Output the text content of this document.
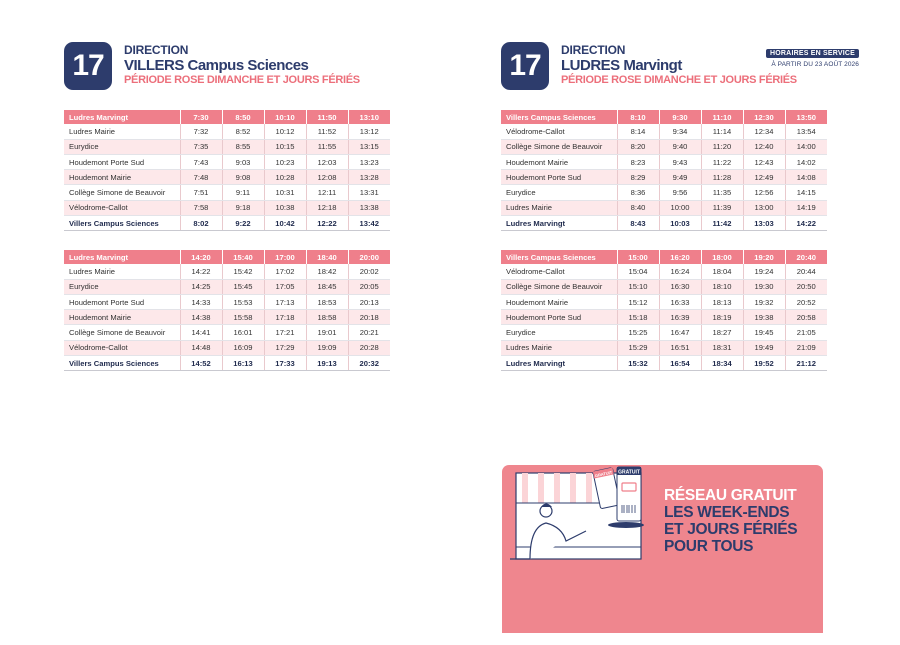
17	DIRECTION
VILLERS Campus Sciences
PÉRIODE ROSE DIMANCHE ET JOURS FÉRIÉS
Ludres Marvingt	7:30	8:50	10:10	11:50	13:10
Ludres Mairie	7:32	8:52	10:12	11:52	13:12
Eurydice	7:35	8:55	10:15	11:55	13:15
Houdemont Porte Sud	7:43	9:03	10:23	12:03	13:23
Houdemont Mairie	7:48	9:08	10:28	12:08	13:28
Collège Simone de Beauvoir	7:51	9:11	10:31	12:11	13:31
Vélodrome-Callot	7:58	9:18	10:38	12:18	13:38
Villers Campus Sciences	8:02	9:22	10:42	12:22	13:42
Ludres Marvingt	14:20	15:40	17:00	18:40	20:00
Ludres Mairie	14:22	15:42	17:02	18:42	20:02
Eurydice	14:25	15:45	17:05	18:45	20:05
Houdemont Porte Sud	14:33	15:53	17:13	18:53	20:13
Houdemont Mairie	14:38	15:58	17:18	18:58	20:18
Collège Simone de Beauvoir	14:41	16:01	17:21	19:01	20:21
Vélodrome-Callot	14:48	16:09	17:29	19:09	20:28
Villers Campus Sciences	14:52	16:13	17:33	19:13	20:32
17	DIRECTION
LUDRES Marvingt
PÉRIODE ROSE DIMANCHE ET JOURS FÉRIÉS
HORAIRES EN SERVICE
À PARTIR DU 23 AOÛT 2026
Villers Campus Sciences	8:10	9:30	11:10	12:30	13:50
Vélodrome-Callot	8:14	9:34	11:14	12:34	13:54
Collège Simone de Beauvoir	8:20	9:40	11:20	12:40	14:00
Houdemont Mairie	8:23	9:43	11:22	12:43	14:02
Houdemont Porte Sud	8:29	9:49	11:28	12:49	14:08
Eurydice	8:36	9:56	11:35	12:56	14:15
Ludres Mairie	8:40	10:00	11:39	13:00	14:19
Ludres Marvingt	8:43	10:03	11:42	13:03	14:22
Villers Campus Sciences	15:00	16:20	18:00	19:20	20:40
Vélodrome-Callot	15:04	16:24	18:04	19:24	20:44
Collège Simone de Beauvoir	15:10	16:30	18:10	19:30	20:50
Houdemont Mairie	15:12	16:33	18:13	19:32	20:52
Houdemont Porte Sud	15:18	16:39	18:19	19:38	20:58
Eurydice	15:25	16:47	18:27	19:45	21:05
Ludres Mairie	15:29	16:51	18:31	19:49	21:09
Ludres Marvingt	15:32	16:54	18:34	19:52	21:12
GRATUIT
GRATUIT
RÉSEAU GRATUIT
LES WEEK-ENDS
ET JOURS FÉRIÉS
POUR TOUS
